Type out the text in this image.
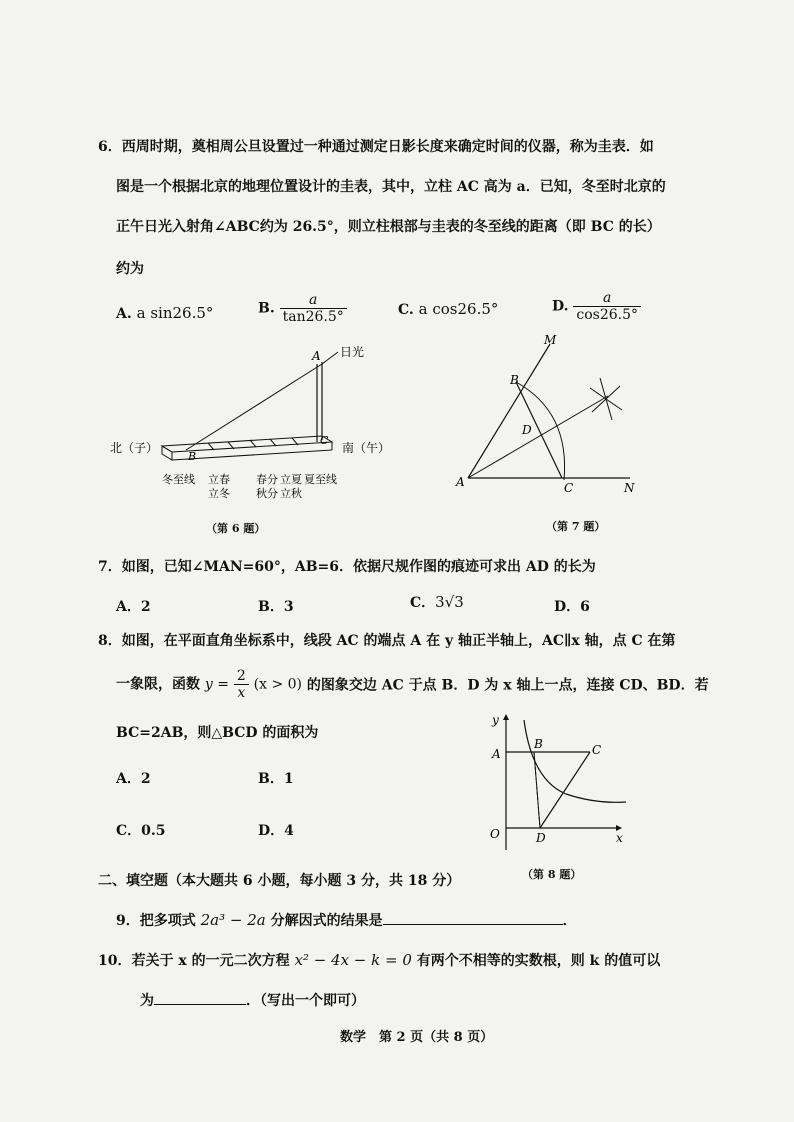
6．西周时期，奠相周公旦设置过一种通过测定日影长度来确定时间的仪器，称为圭表．如
图是一个根据北京的地理位置设计的圭表，其中，立柱 AC 高为 a．已知，冬至时北京的
正午日光入射角∠ABC约为 26.5°，则立柱根部与圭表的冬至线的距离（即 BC 的长）
约为
A. a sin26.5°	B. $\frac{a}{\tan 26.5^\circ}$	C. a cos26.5°	D. $\frac{a}{\cos 26.5^\circ}$
A 日光
B
C
北（子）	南（午）
冬至线 立春
立冬
春分
秋分
立夏
立秋
夏至线
（第 6 题）
M
B
D
A	C	N
（第 7 题）
7．如图，已知∠MAN=60°，AB=6．依据尺规作图的痕迹可求出 AD 的长为
A．2	B．3	C．3√3	D．6
8．如图，在平面直角坐标系中，线段 AC 的端点 A 在 y 轴正半轴上，AC∥x 轴，点 C 在第
一象限，函数 $y = \frac{2}{x} (x > 0)$ 的图象交边 AC 于点 B．D 为 x 轴上一点，连接 CD、BD．若
BC=2AB，则△BCD 的面积为
A．2	B．1
C．0.5	D．4
y
x
A
B	C
O	D
（第 8 题）
二、填空题（本大题共 6 小题，每小题 3 分，共 18 分）
9．把多项式 2a³ − 2a 分解因式的结果是	．
10．若关于 x 的一元二次方程 x² − 4x − k = 0 有两个不相等的实数根，则 k 的值可以
为	．（写出一个即可）
数学　第 2 页（共 8 页）
